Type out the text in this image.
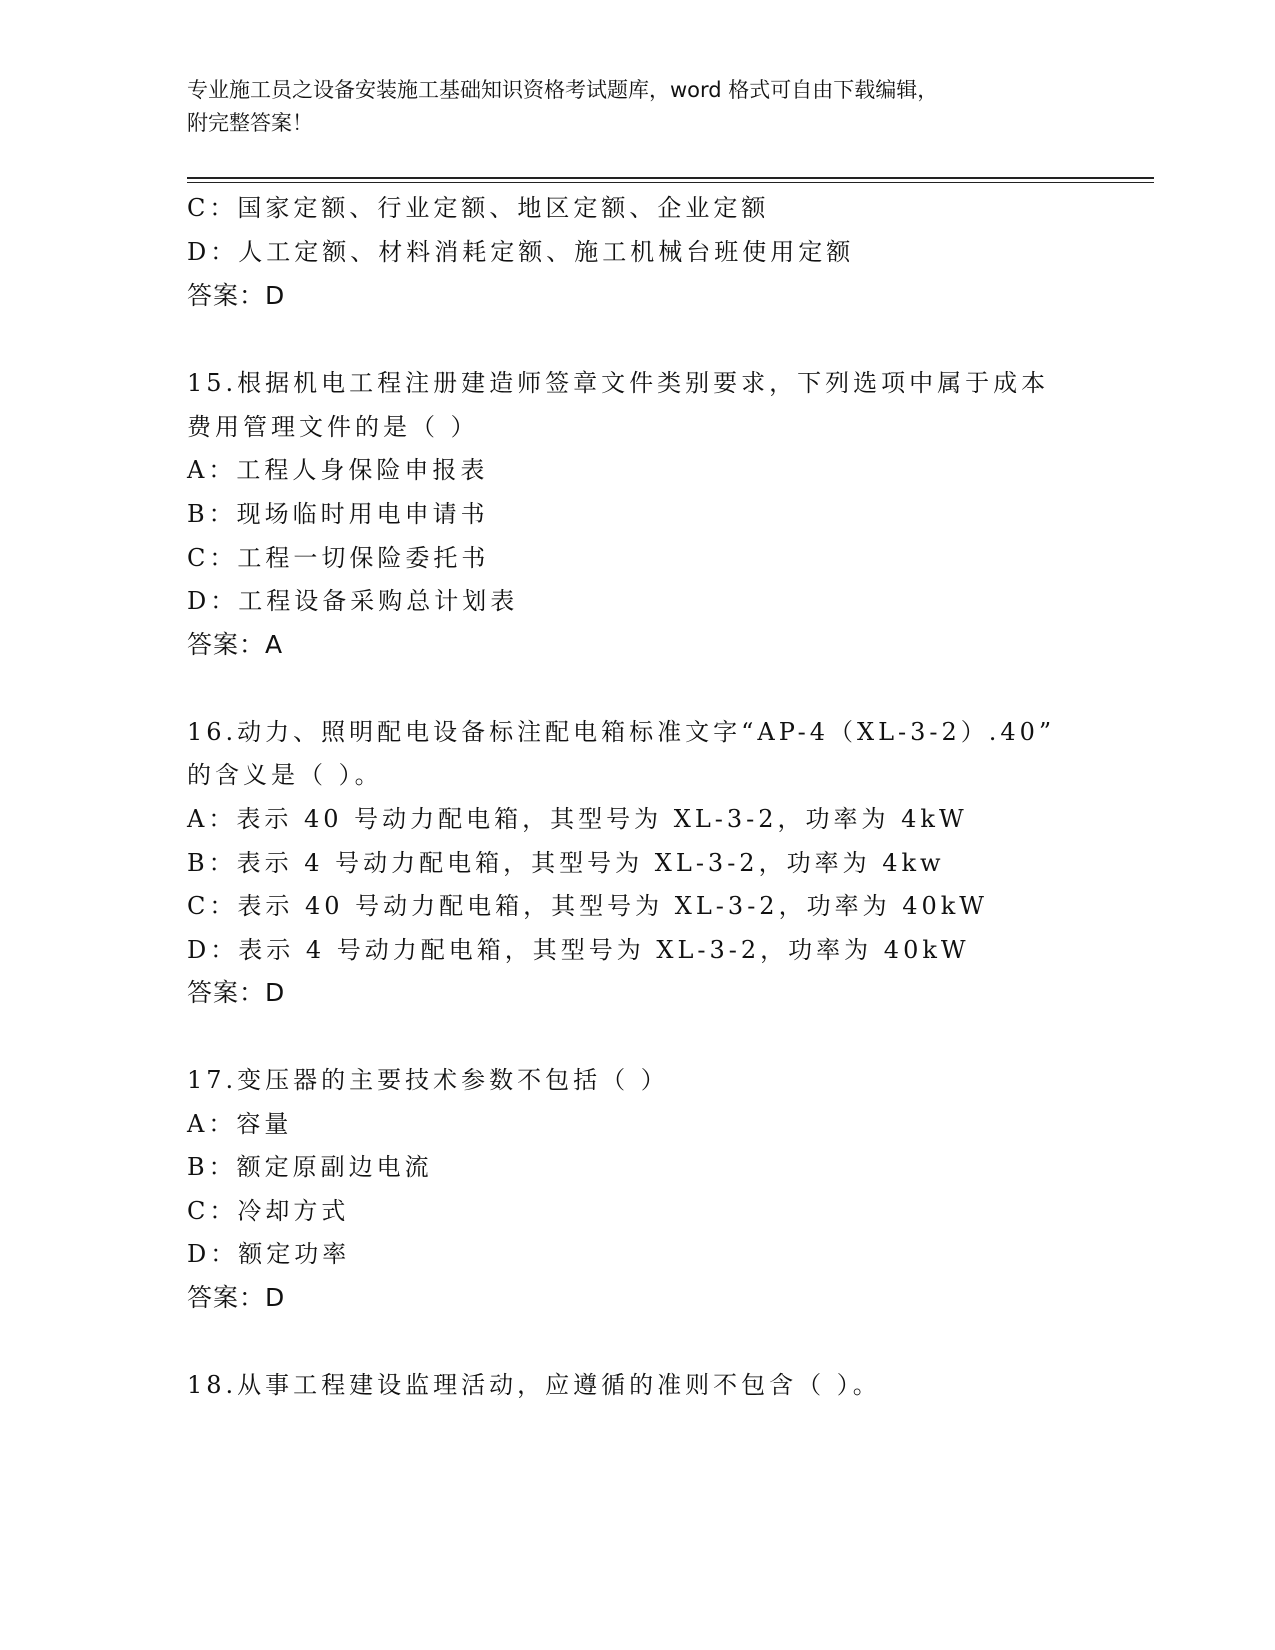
专业施工员之设备安装施工基础知识资格考试题库，word 格式可自由下载编辑，
附完整答案！
C：国家定额、行业定额、地区定额、企业定额
D：人工定额、材料消耗定额、施工机械台班使用定额
答案：D
15.根据机电工程注册建造师签章文件类别要求，下列选项中属于成本
费用管理文件的是（ ）
A：工程人身保险申报表
B：现场临时用电申请书
C：工程一切保险委托书
D：工程设备采购总计划表
答案：A
16.动力、照明配电设备标注配电箱标准文字“AP-4（XL-3-2）.40”
的含义是（ ）。
A：表示 40 号动力配电箱，其型号为 XL-3-2，功率为 4kW
B：表示 4 号动力配电箱，其型号为 XL-3-2，功率为 4kw
C：表示 40 号动力配电箱，其型号为 XL-3-2，功率为 40kW
D：表示 4 号动力配电箱，其型号为 XL-3-2，功率为 40kW
答案：D
17.变压器的主要技术参数不包括（ ）
A：容量
B：额定原副边电流
C：冷却方式
D：额定功率
答案：D
18.从事工程建设监理活动，应遵循的准则不包含（ ）。
